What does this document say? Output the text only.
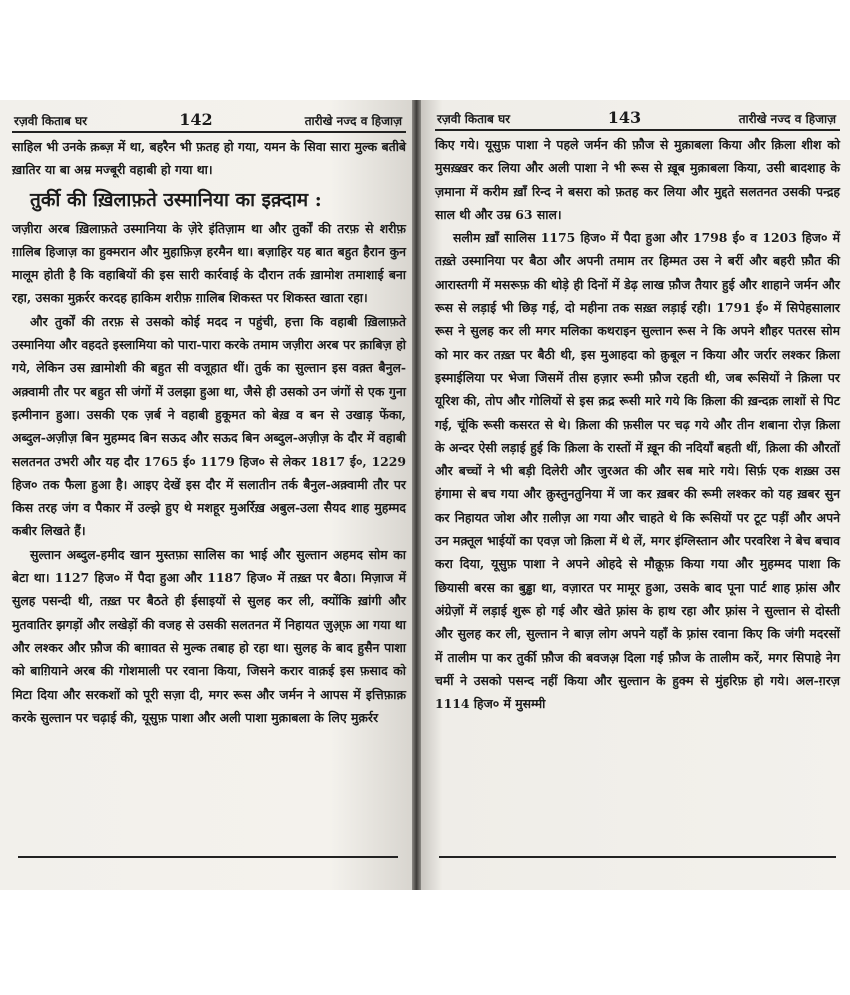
रज़वी किताब घर	142	तारीखे नज्द व हिजाज़

साहिल भी उनके क़ब्ज़ में था, बहरैन भी फ़तह हो गया, यमन के सिवा सारा मुल्क बतीबे ख़ातिर या बा अम्र मज्बूरी वहाबी हो गया था।

तुर्की की ख़िलाफ़ते उस्मानिया का इक़्दाम :

जज़ीरा अरब ख़िलाफ़ते उस्मानिया के ज़ेरे इंतिज़ाम था और तुर्कों की तरफ़ से शरीफ़ ग़ालिब हिजाज़ का हुक्मरान और मुहाफ़िज़ हरमैन था। बज़ाहिर यह बात बहुत हैरान कुन मालूम होती है कि वहाबियों की इस सारी कार्रवाई के दौरान तर्क ख़ामोश तमाशाई बना रहा, उसका मुक़र्रर करदह हाकिम शरीफ़ ग़ालिब शिकस्त पर शिकस्त खाता रहा।

और तुर्कों की तरफ़ से उसको कोई मदद न पहुंची, हत्ता कि वहाबी ख़िलाफ़ते उस्मानिया और वहदते इस्लामिया को पारा-पारा करके तमाम जज़ीरा अरब पर क़ाबिज़ हो गये, लेकिन उस ख़ामोशी की बहुत सी वजूहात थीं। तुर्क का सुल्तान इस वक़्त बैनुल-अक़्वामी तौर पर बहुत सी जंगों में उलझा हुआ था, जैसे ही उसको उन जंगों से एक गुना इत्मीनान हुआ। उसकी एक ज़र्ब ने वहाबी हुकूमत को बेख़ व बन से उखाड़ फेंका, अब्दुल-अज़ीज़ बिन मुहम्मद बिन सऊद और सऊद बिन अब्दुल-अज़ीज़ के दौर में वहाबी सलतनत उभरी और यह दौर 1765 ई० 1179 हिज० से लेकर 1817 ई०, 1229 हिज० तक फैला हुआ है। आइए देखें इस दौर में सलातीन तर्क बैनुल-अक़्वामी तौर पर किस तरह जंग व पैकार में उल्झे हुए थे मशहूर मुअर्रिख़ अबुल-उला सैयद शाह मुहम्मद कबीर लिखते हैं।

सुल्तान अब्दुल-हमीद खान मुस्तफ़ा सालिस का भाई और सुल्तान अहमद सोम का बेटा था। 1127 हिज० में पैदा हुआ और 1187 हिज० में तख़्त पर बैठा। मिज़ाज में सुलह पसन्दी थी, तख़्त पर बैठते ही ईसाइयों से सुलह कर ली, क्योंकि ख़ांगी और मुतवातिर झगड़ों और लखेड़ों की वजह से उसकी सलतनत में निहायत ज़ुअ़्फ़ आ गया था और लश्कर और फ़ौज की बग़ावत से मुल्क तबाह हो रहा था। सुलह के बाद हुसैन पाशा को बाग़ियाने अरब की गोशमाली पर रवाना किया, जिसने करार वाक़ई इस फ़साद को मिटा दिया और सरकशों को पूरी सज़ा दी, मगर रूस और जर्मन ने आपस में इत्तिफ़ाक़ करके सुल्तान पर चढ़ाई की, यूसुफ़ पाशा और अली पाशा मुक़ाबला के लिए मुक़र्रर

रज़वी किताब घर	143	तारीखे नज्द व हिजाज़

किए गये। यूसुफ़ पाशा ने पहले जर्मन की फ़ौज से मुक़ाबला किया और क़िला शीश को मुसख़्ख़र कर लिया और अली पाशा ने भी रूस से ख़ूब मुक़ाबला किया, उसी बादशाह के ज़माना में करीम ख़ाँ रिन्द ने बसरा को फ़तह कर लिया और मुद्दते सलतनत उसकी पन्द्रह साल थी और उम्र 63 साल।

सलीम ख़ाँ सालिस 1175 हिज० में पैदा हुआ और 1798 ई० व 1203 हिज० में तख़्ते उस्मानिया पर बैठा और अपनी तमाम तर हिम्मत उस ने बर्री और बहरी फ़ौत की आरास्तगी में मसरूफ़ की थोड़े ही दिनों में डेढ़ लाख फ़ौज तैयार हुई और शाहाने जर्मन और रूस से लड़ाई भी छिड़ गई, दो महीना तक सख़्त लड़ाई रही। 1791 ई० में सिपेहसालार रूस ने सुलह कर ली मगर मलिका कथराइन सुल्तान रूस ने कि अपने शौहर पतरस सोम को मार कर तख़्त पर बैठी थी, इस मुआहदा को क़ुबूल न किया और जर्रार लश्कर क़िला इस्माईलिया पर भेजा जिसमें तीस हज़ार रूमी फ़ौज रहती थी, जब रूसियों ने क़िला पर यूरिश की, तोप और गोलियों से इस क़द्र रूसी मारे गये कि क़िला की ख़न्दक़ लाशों से पिट गई, चूंकि रूसी कसरत से थे। क़िला की फ़सील पर चढ़ गये और तीन शबाना रोज़ क़िला के अन्दर ऐसी लड़ाई हुई कि क़िला के रास्तों में ख़ून की नदियाँ बहती थीं, क़िला की औरतों और बच्चों ने भी बड़ी दिलेरी और जुरअत की और सब मारे गये। सिर्फ़ एक शख़्स उस हंगामा से बच गया और क़ुस्तुनतुनिया में जा कर ख़बर की रूमी लश्कर को यह ख़बर सुन कर निहायत जोश और ग़लीज़ आ गया और चाहते थे कि रूसियों पर टूट पड़ीं और अपने उन मक़्तूल भाईयों का एवज़ जो क़िला में थे लें, मगर इंग्लिस्तान और परवरिश ने बेच बचाव करा दिया, यूसुफ़ पाशा ने अपने ओहदे से मौक़ूफ़ किया गया और मुहम्मद पाशा कि छियासी बरस का बुड्ढा था, वज़ारत पर मामूर हुआ, उसके बाद पूना पार्ट शाह फ़्रांस और अंग्रेज़ों में लड़ाई शुरू हो गई और खेते फ़्रांस के हाथ रहा और फ़्रांस ने सुल्तान से दोस्ती और सुलह कर ली, सुल्तान ने बाज़ लोग अपने यहाँ के फ़्रांस रवाना किए कि जंगी मदरसों में तालीम पा कर तुर्की फ़ौज की बवजअ़ दिला गई फ़ौज के तालीम करें, मगर सिपाहे नेग चर्मी ने उसको पसन्द नहीं किया और सुल्तान के हुक्म से मुंहरिफ़ हो गये। अल-ग़रज़ 1114 हिज० में मुसम्मी
